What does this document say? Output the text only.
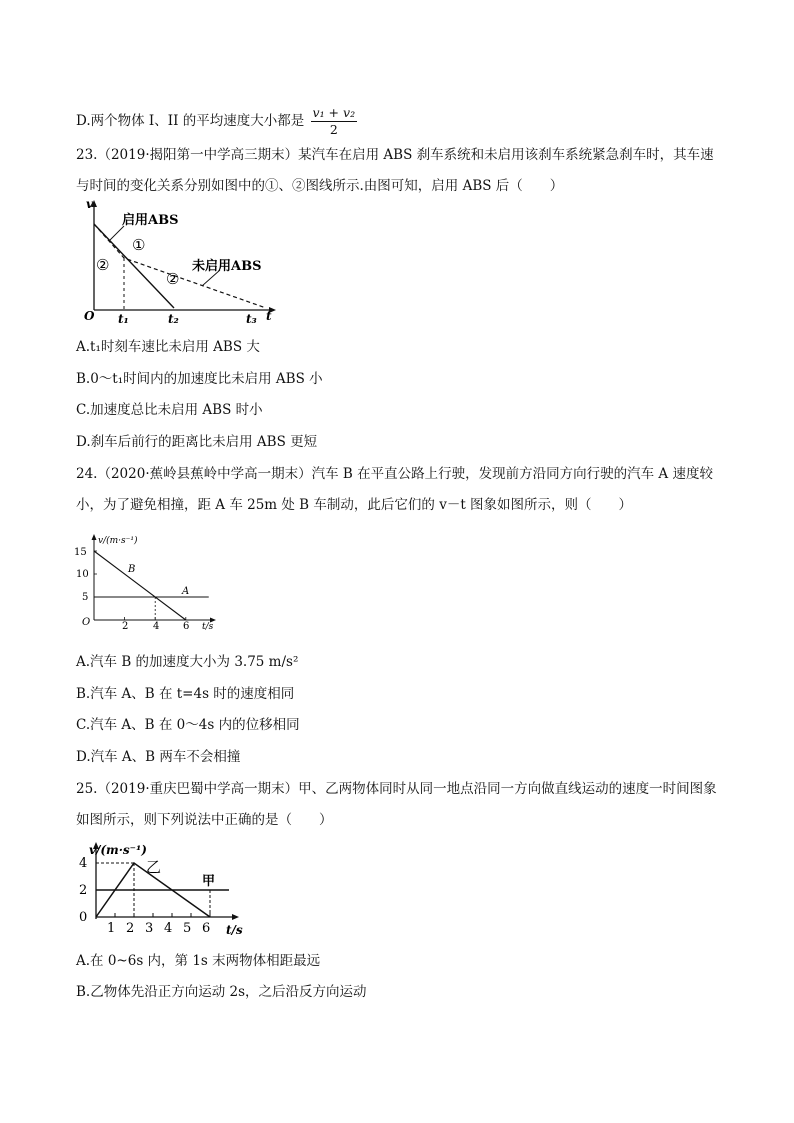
D.两个物体 I、II 的平均速度大小都是 $\frac{\text{v₁ + v₂}}{2}$
23.（2019·揭阳第一中学高三期末）某汽车在启用 ABS 刹车系统和未启用该刹车系统紧急刹车时，其车速
与时间的变化关系分别如图中的①、②图线所示.由图可知，启用 ABS 后（　　）
v
O	t
启用ABS
未启用ABS
①
②
②
t₁	t₂	t₃
A.t₁时刻车速比未启用 ABS 大
B.0～t₁时间内的加速度比未启用 ABS 小
C.加速度总比未启用 ABS 时小
D.刹车后前行的距离比未启用 ABS 更短
24.（2020·蕉岭县蕉岭中学高一期末）汽车 B 在平直公路上行驶，发现前方沿同方向行驶的汽车 A 速度较
小，为了避免相撞，距 A 车 25m 处 B 车制动，此后它们的 v－t 图象如图所示，则（　　）
v/(m·s⁻¹)
O	t/s
15
10
5
2 4 6
B
A
A.汽车 B 的加速度大小为 3.75 m/s²
B.汽车 A、B 在 t=4s 时的速度相同
C.汽车 A、B 在 0～4s 内的位移相同
D.汽车 A、B 两车不会相撞
25.（2019·重庆巴蜀中学高一期末）甲、乙两物体同时从同一地点沿同一方向做直线运动的速度一时间图象
如图所示，则下列说法中正确的是（　　）
v/(m·s⁻¹)
t/s
4
2
0
1 2 3 4 5 6
乙
甲
A.在 0~6s 内，第 1s 末两物体相距最远
B.乙物体先沿正方向运动 2s，之后沿反方向运动
